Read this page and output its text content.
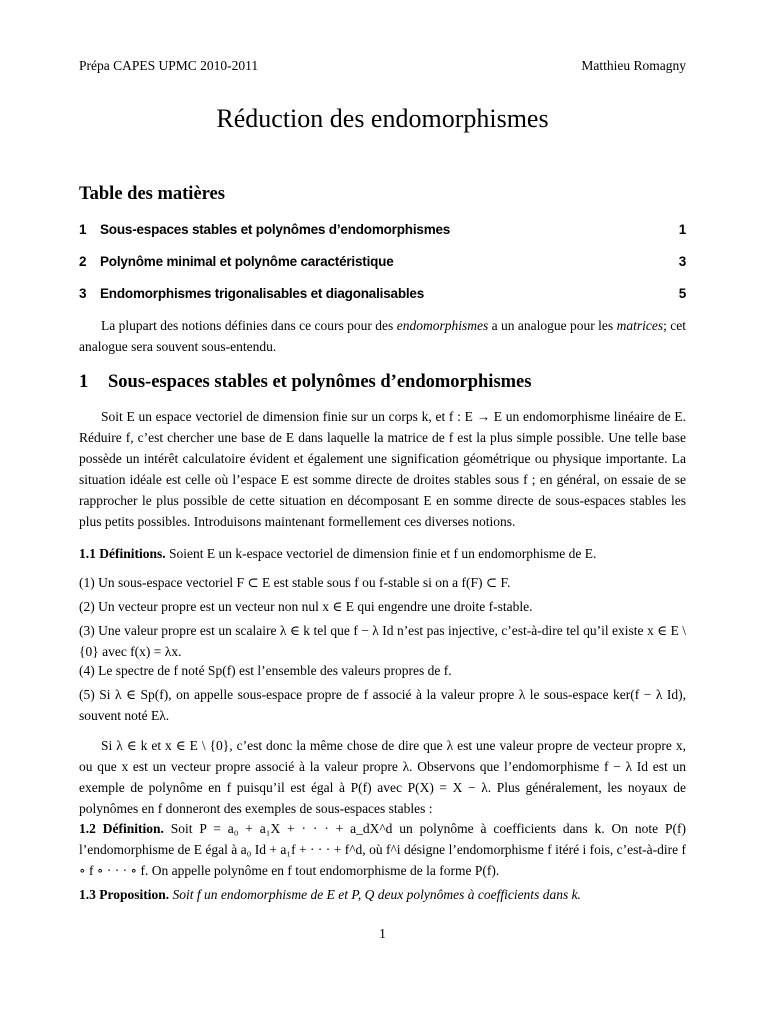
Prépa CAPES UPMC 2010-2011	Matthieu Romagny
Réduction des endomorphismes
Table des matières
1 Sous-espaces stables et polynômes d’endomorphismes	1
2 Polynôme minimal et polynôme caractéristique	3
3 Endomorphismes trigonalisables et diagonalisables	5
La plupart des notions définies dans ce cours pour des endomorphismes a un analogue pour les matrices; cet analogue sera souvent sous-entendu.
1 Sous-espaces stables et polynômes d’endomorphismes
Soit E un espace vectoriel de dimension finie sur un corps k, et f : E → E un endomorphisme linéaire de E. Réduire f, c’est chercher une base de E dans laquelle la matrice de f est la plus simple possible. Une telle base possède un intérêt calculatoire évident et également une signification géométrique ou physique importante. La situation idéale est celle où l’espace E est somme directe de droites stables sous f ; en général, on essaie de se rapprocher le plus possible de cette situation en décomposant E en somme directe de sous-espaces stables les plus petits possibles. Introduisons maintenant formellement ces diverses notions.
1.1 Définitions. Soient E un k-espace vectoriel de dimension finie et f un endomorphisme de E.
(1) Un sous-espace vectoriel F ⊂ E est stable sous f ou f-stable si on a f(F) ⊂ F.
(2) Un vecteur propre est un vecteur non nul x ∈ E qui engendre une droite f-stable.
(3) Une valeur propre est un scalaire λ ∈ k tel que f − λ Id n’est pas injective, c’est-à-dire tel qu’il existe x ∈ E \ {0} avec f(x) = λx.
(4) Le spectre de f noté Sp(f) est l’ensemble des valeurs propres de f.
(5) Si λ ∈ Sp(f), on appelle sous-espace propre de f associé à la valeur propre λ le sous-espace ker(f − λ Id), souvent noté Eλ.
Si λ ∈ k et x ∈ E \ {0}, c’est donc la même chose de dire que λ est une valeur propre de vecteur propre x, ou que x est un vecteur propre associé à la valeur propre λ. Observons que l’endomorphisme f − λ Id est un exemple de polynôme en f puisqu’il est égal à P(f) avec P(X) = X − λ. Plus généralement, les noyaux de polynômes en f donneront des exemples de sous-espaces stables :
1.2 Définition. Soit P = a₀ + a₁X + · · · + a_dX^d un polynôme à coefficients dans k. On note P(f) l’endomorphisme de E égal à a₀ Id + a₁f + · · · + f^d, où f^i désigne l’endomorphisme f itéré i fois, c’est-à-dire f ∘ f ∘ · · · ∘ f. On appelle polynôme en f tout endomorphisme de la forme P(f).
1.3 Proposition. Soit f un endomorphisme de E et P, Q deux polynômes à coefficients dans k.
1
